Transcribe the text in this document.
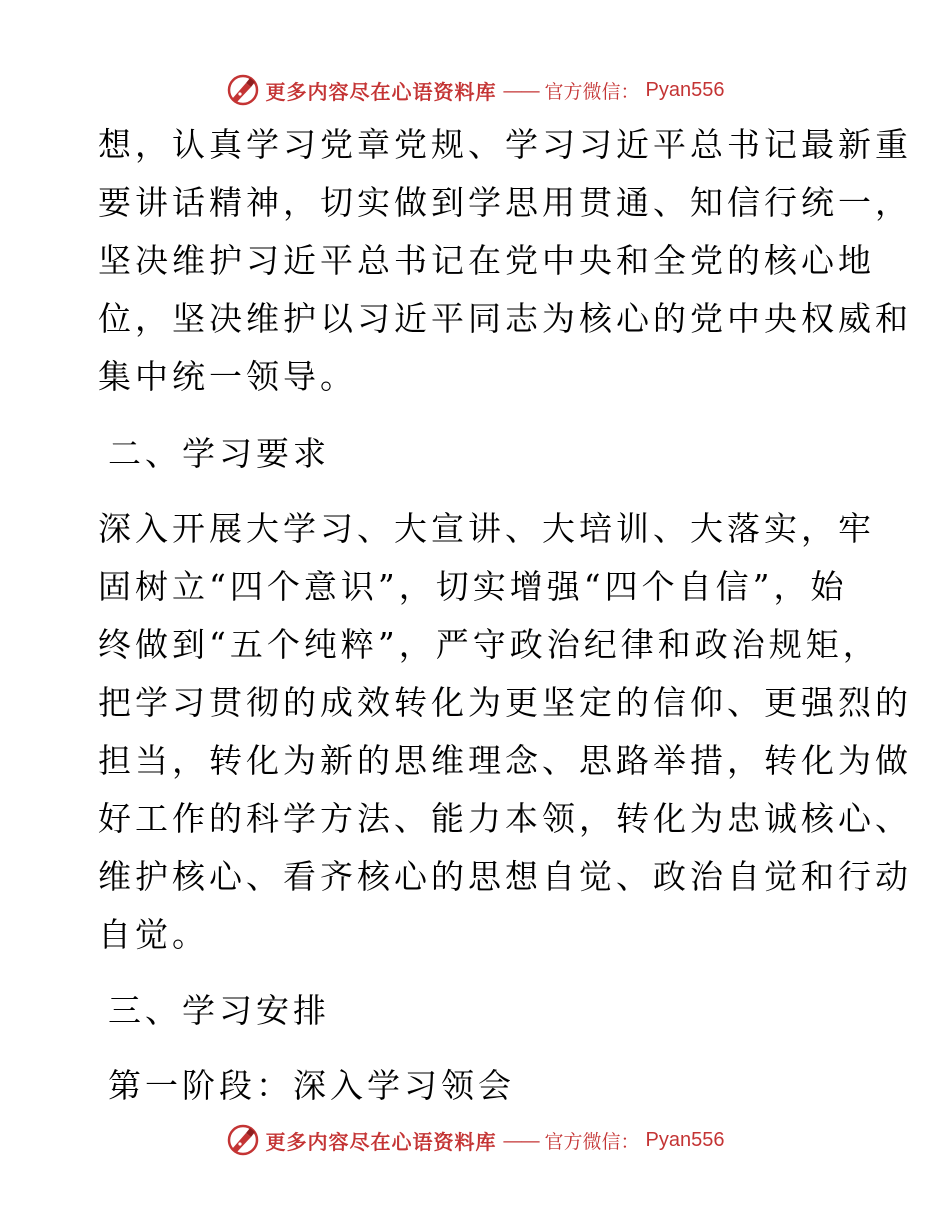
更多内容尽在心语资料库 —— 官方微信： Pyan556
想，认真学习党章党规、学习习近平总书记最新重
要讲话精神，切实做到学思用贯通、知信行统一，
坚决维护习近平总书记在党中央和全党的核心地
位，坚决维护以习近平同志为核心的党中央权威和
集中统一领导。
二、学习要求
深入开展大学习、大宣讲、大培训、大落实，牢
固树立“四个意识”，切实增强“四个自信”，始
终做到“五个纯粹”，严守政治纪律和政治规矩，
把学习贯彻的成效转化为更坚定的信仰、更强烈的
担当，转化为新的思维理念、思路举措，转化为做
好工作的科学方法、能力本领，转化为忠诚核心、
维护核心、看齐核心的思想自觉、政治自觉和行动
自觉。
三、学习安排
第一阶段：深入学习领会
更多内容尽在心语资料库 —— 官方微信： Pyan556
